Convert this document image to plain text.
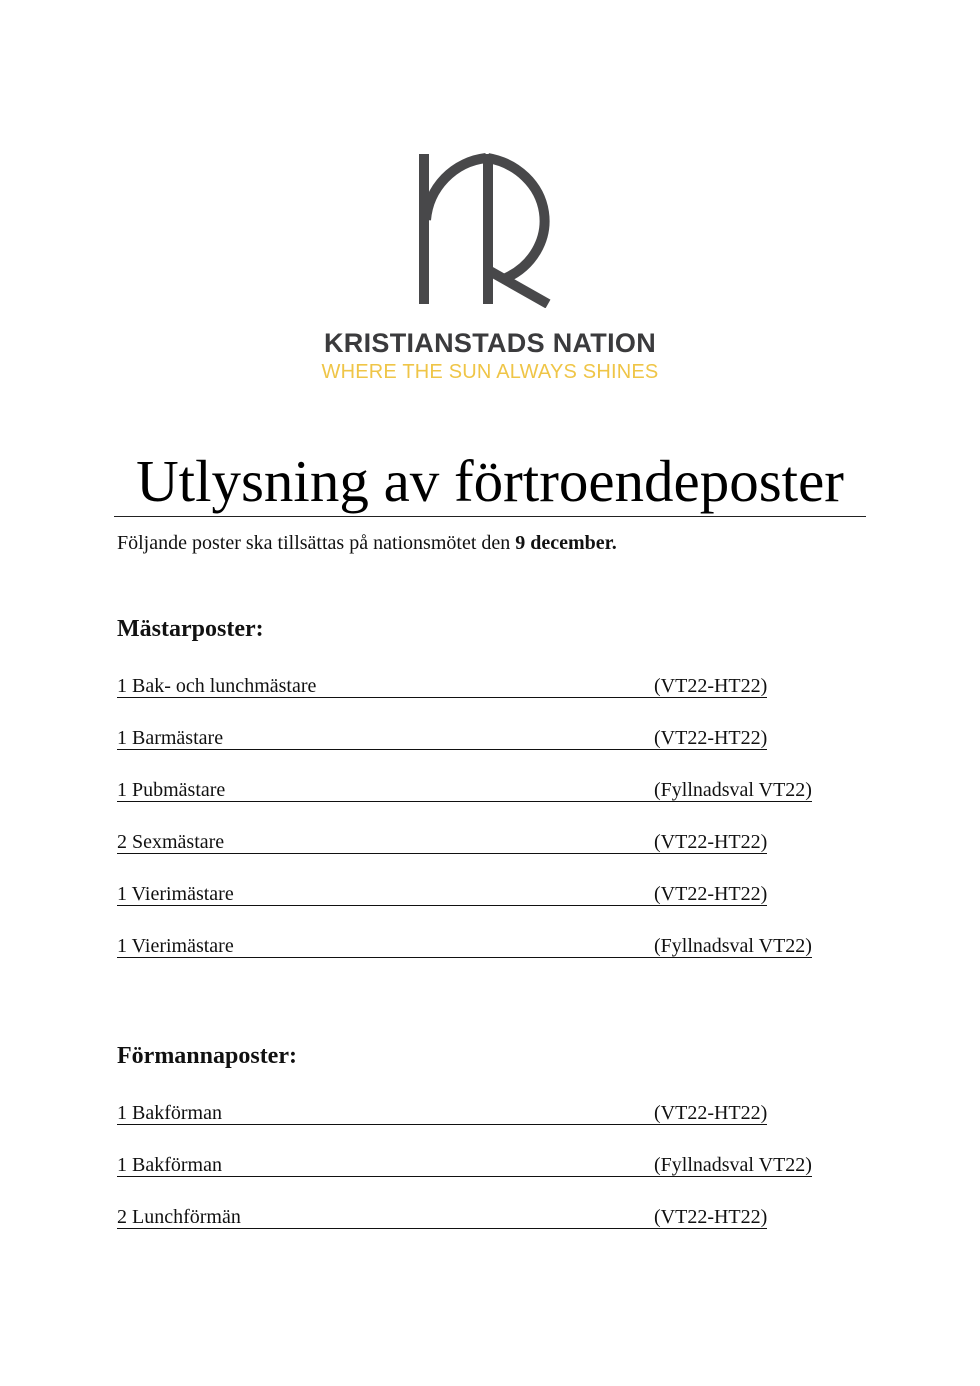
KRISTIANSTADS NATION
WHERE THE SUN ALWAYS SHINES
Utlysning av förtroendeposter
Följande poster ska tillsättas på nationsmötet den 9 december.
Mästarposter:
1 Bak- och lunchmästare	(VT22-HT22)
1 Barmästare	(VT22-HT22)
1 Pubmästare	(Fyllnadsval VT22)
2 Sexmästare	(VT22-HT22)
1 Vierimästare	(VT22-HT22)
1 Vierimästare	(Fyllnadsval VT22)
Förmannaposter:
1 Bakförman	(VT22-HT22)
1 Bakförman	(Fyllnadsval VT22)
2 Lunchförmän	(VT22-HT22)
